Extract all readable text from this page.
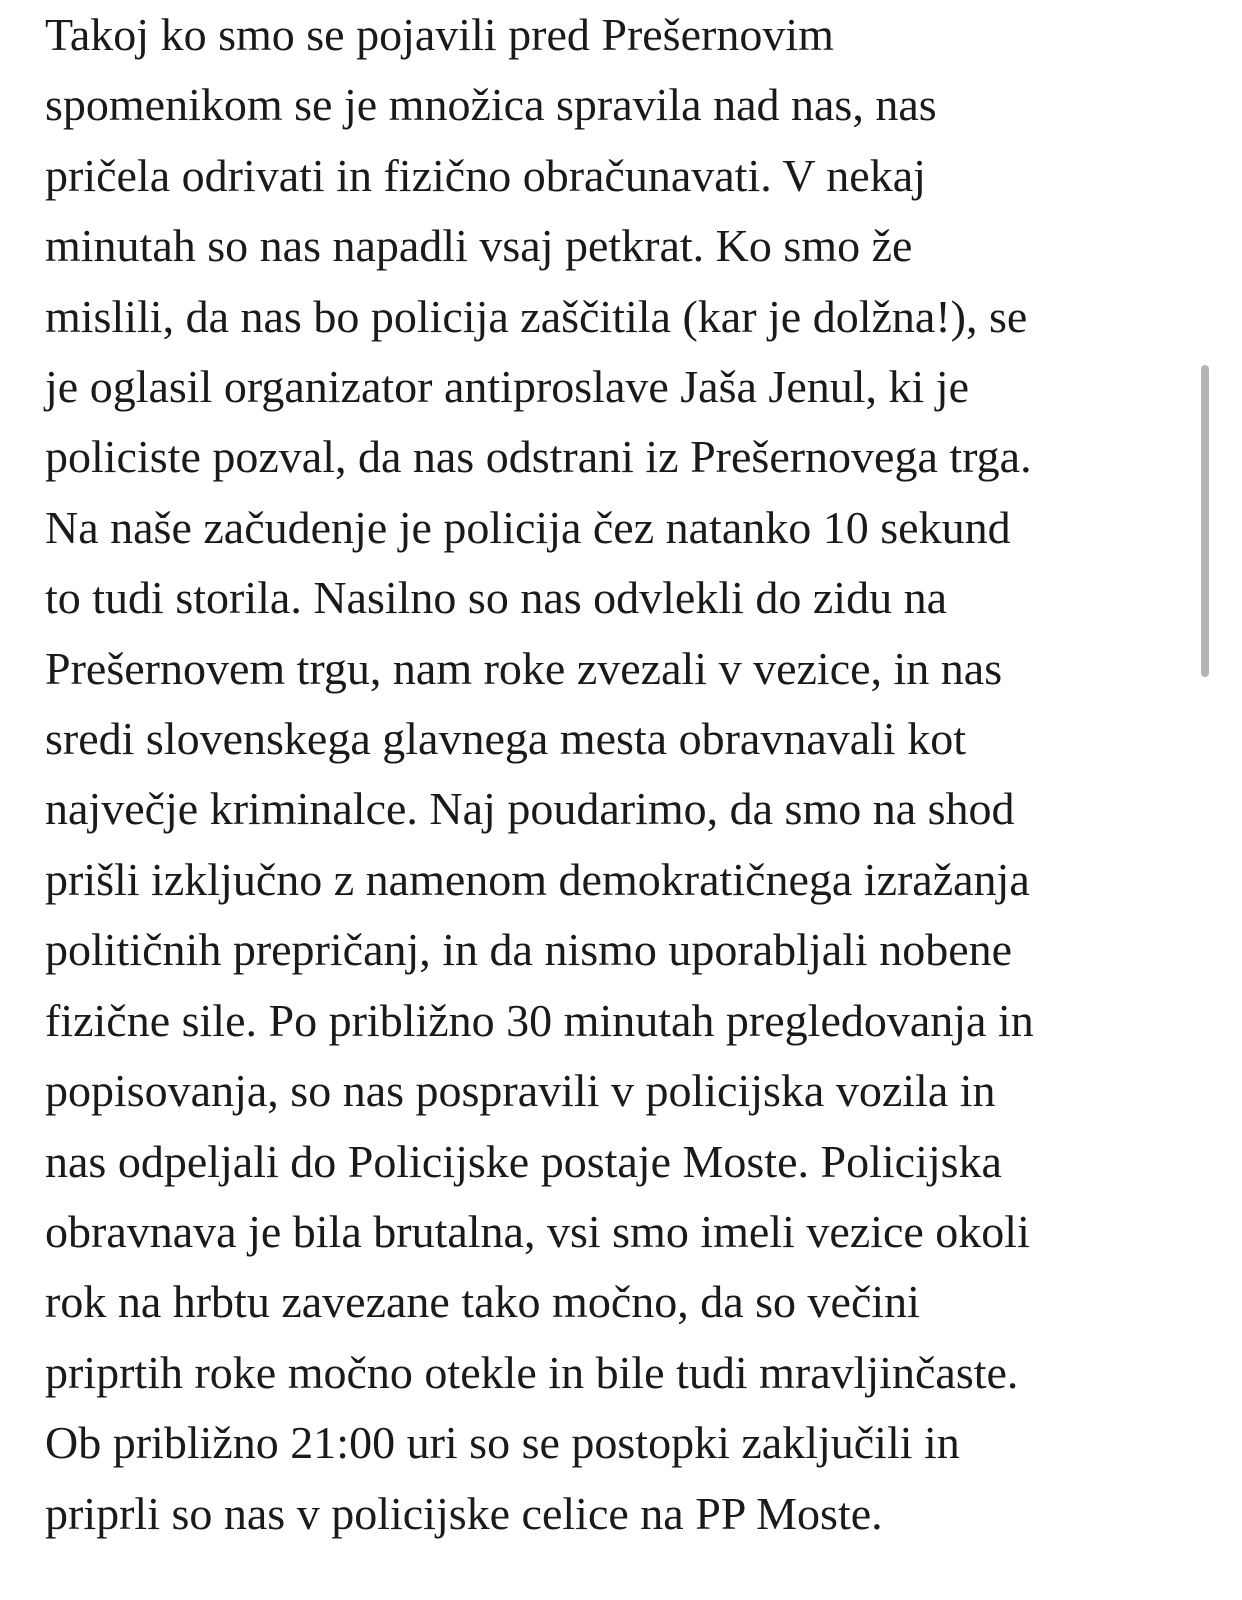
Takoj ko smo se pojavili pred Prešernovim
spomenikom se je množica spravila nad nas, nas
pričela odrivati in fizično obračunavati. V nekaj
minutah so nas napadli vsaj petkrat. Ko smo že
mislili, da nas bo policija zaščitila (kar je dolžna!), se
je oglasil organizator antiproslave Jaša Jenul, ki je
policiste pozval, da nas odstrani iz Prešernovega trga.
Na naše začudenje je policija čez natanko 10 sekund
to tudi storila. Nasilno so nas odvlekli do zidu na
Prešernovem trgu, nam roke zvezali v vezice, in nas
sredi slovenskega glavnega mesta obravnavali kot
največje kriminalce. Naj poudarimo, da smo na shod
prišli izključno z namenom demokratičnega izražanja
političnih prepričanj, in da nismo uporabljali nobene
fizične sile. Po približno 30 minutah pregledovanja in
popisovanja, so nas pospravili v policijska vozila in
nas odpeljali do Policijske postaje Moste. Policijska
obravnava je bila brutalna, vsi smo imeli vezice okoli
rok na hrbtu zavezane tako močno, da so večini
priprtih roke močno otekle in bile tudi mravljinčaste.
Ob približno 21:00 uri so se postopki zaključili in
priprli so nas v policijske celice na PP Moste.
